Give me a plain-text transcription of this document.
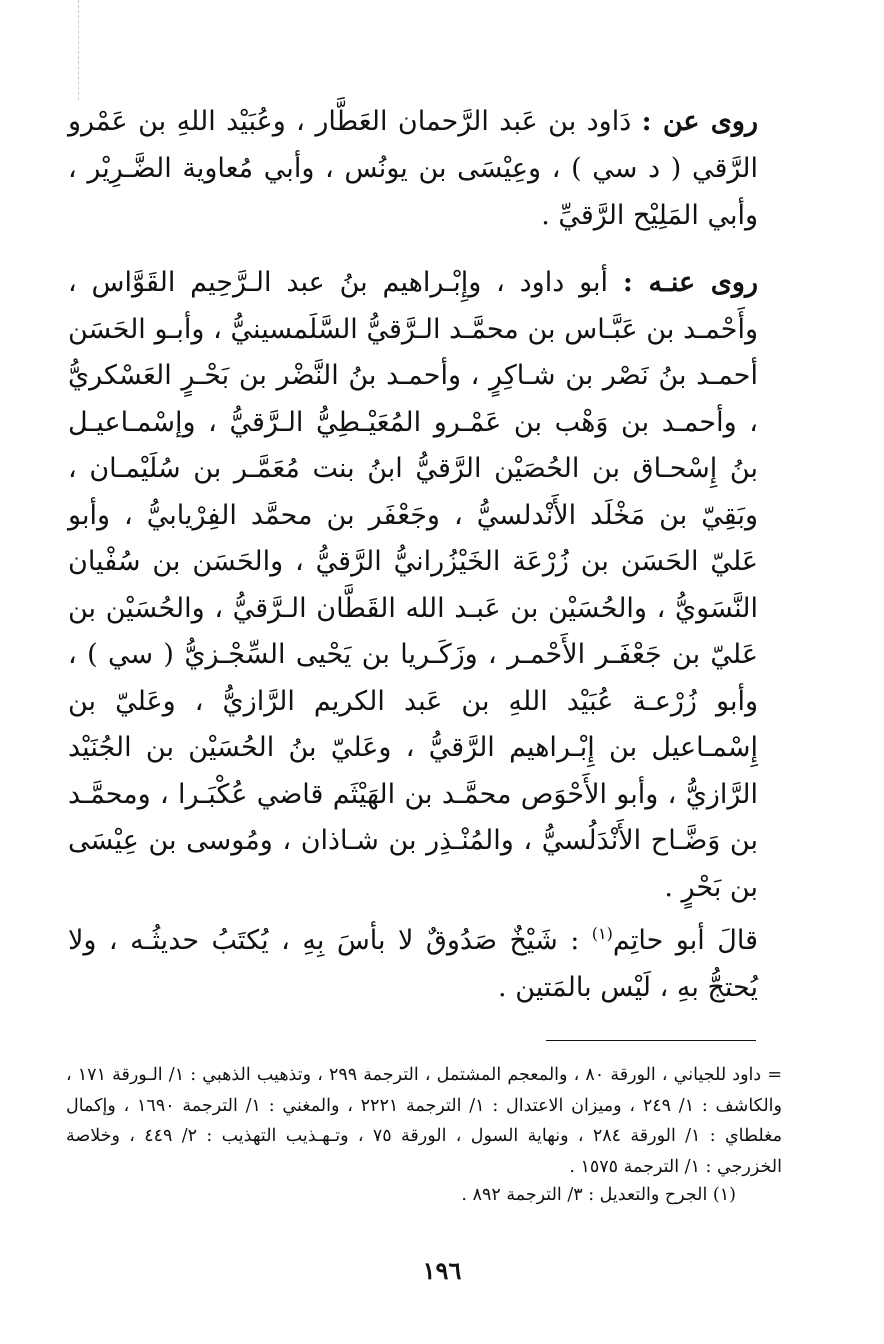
روى عن : دَاود بن عَبد الرَّحمان العَطَّار ، وعُبَيْد اللهِ بن عَمْرو الرَّقي ( د سي ) ، وعِيْسَى بن يونُس ، وأبي مُعاوية الضَّـرِيْر ، وأبي المَلِيْح الرَّقيِّ .

روى عنـه : أبو داود ، وإِبْـراهيم بنُ عبد الـرَّحِيم القَوَّاس ، وأَحْمـد بن عَبَّـاس بن محمَّـد الـرَّقيُّ السَّلَمسينيُّ ، وأبـو الحَسَن أحمـد بنُ نَصْر بن شـاكِرٍ ، وأحمـد بنُ النَّضْر بن بَحْـرٍ العَسْكريُّ ، وأحمـد بن وَهْب بن عَمْـرو المُعَيْـطِيُّ الـرَّقيُّ ، وإسْمـاعيـل بنُ إِسْحـاق بن الحُصَيْن الرَّقيُّ ابنُ بنت مُعَمَّـر بن سُلَيْمـان ، وبَقِيّ بن مَخْلَد الأَنْدلسيُّ ، وجَعْفَر بن محمَّد الفِرْيابيُّ ، وأبو عَليّ الحَسَن بن زُرْعَة الخَيْزُرانيُّ الرَّقيُّ ، والحَسَن بن سُفْيان النَّسَويُّ ، والحُسَيْن بن عَبـد الله القَطَّان الـرَّقيُّ ، والحُسَيْن بن عَليّ بن جَعْفَـر الأَحْمـر ، وزَكَـريا بن يَحْيى السِّجْـزيُّ ( سي ) ، وأبو زُرْعـة عُبَيْد اللهِ بن عَبد الكريم الرَّازيُّ ، وعَليّ بن إِسْمـاعيل بن إِبْـراهيم الرَّقيُّ ، وعَليّ بنُ الحُسَيْن بن الجُنَيْد الرَّازيُّ ، وأبو الأَحْوَص محمَّـد بن الهَيْثَم قاضي عُكْبَـرا ، ومحمَّـد بن وَضَّـاح الأَنْدَلُسيُّ ، والمُنْـذِر بن شـاذان ، ومُوسى بن عِيْسَى بن بَحْرٍ .

قالَ أبو حاتِم$^{(١)}$ : شَيْخٌ صَدُوقٌ لا بأسَ بِهِ ، يُكتَبُ حديثُـه ، ولا يُحتجُّ بهِ ، لَيْس بالمَتين .

= داود للجياني ، الورقة ٨٠ ، والمعجم المشتمل ، الترجمة ٢٩٩ ، وتذهيب الذهبي : ١/ الـورقة ١٧١ ، والكاشف : ١/ ٢٤٩ ، وميزان الاعتدال : ١/ الترجمة ٢٢٢١ ، والمغني : ١/ الترجمة ١٦٩٠ ، وإكمال مغلطاي : ١/ الورقة ٢٨٤ ، ونهاية السول ، الورقة ٧٥ ، وتـهـذيب التهذيب : ٢/ ٤٤٩ ، وخلاصة الخزرجي : ١/ الترجمة ١٥٧٥ .

(١) الجرح والتعديل : ٣/ الترجمة ٨٩٢ .

١٩٦
